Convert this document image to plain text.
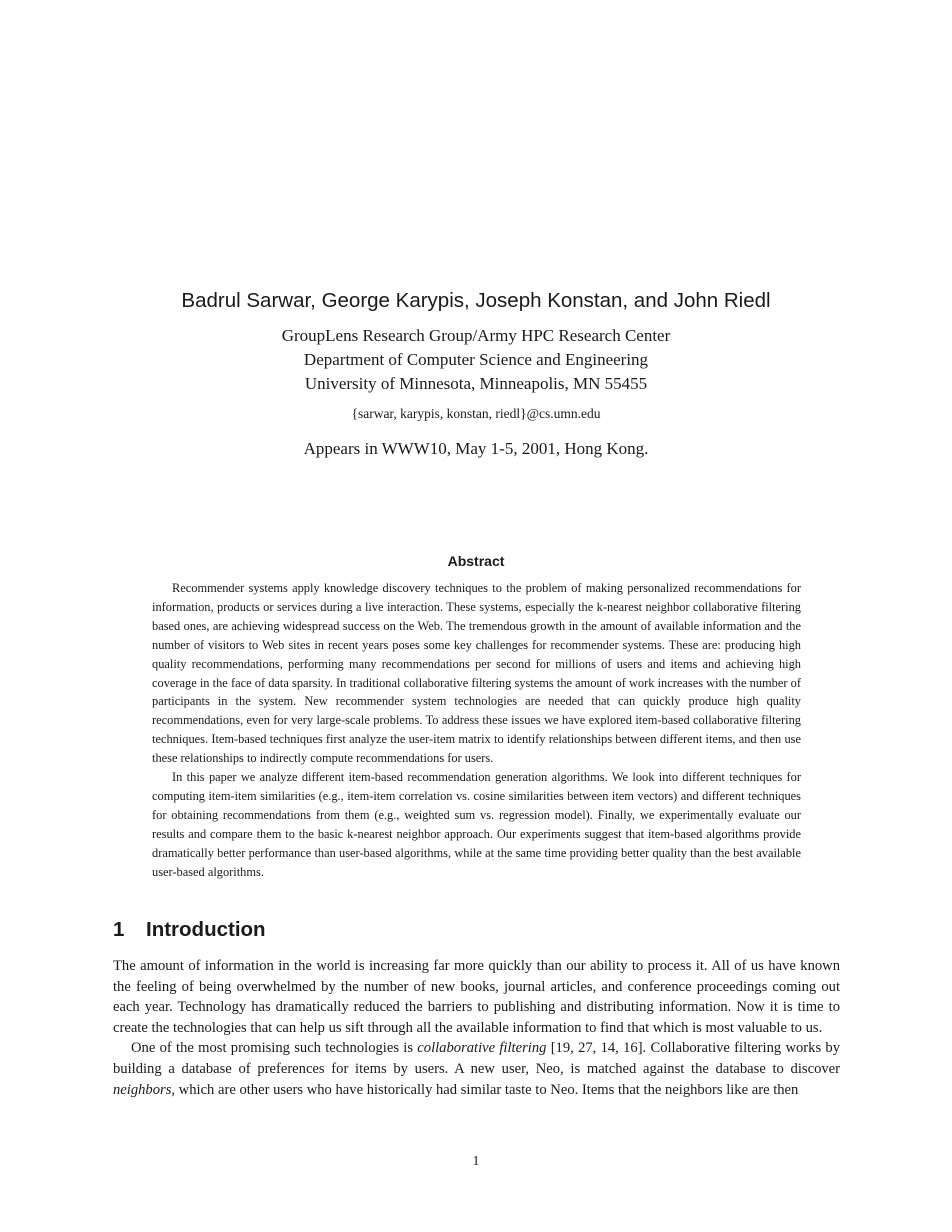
Badrul Sarwar, George Karypis, Joseph Konstan, and John Riedl
GroupLens Research Group/Army HPC Research Center
Department of Computer Science and Engineering
University of Minnesota, Minneapolis, MN 55455
{sarwar, karypis, konstan, riedl}@cs.umn.edu
Appears in WWW10, May 1-5, 2001, Hong Kong.
Abstract

Recommender systems apply knowledge discovery techniques to the problem of making personalized recommendations for information, products or services during a live interaction. These systems, especially the k-nearest neighbor collaborative filtering based ones, are achieving widespread success on the Web. The tremendous growth in the amount of available information and the number of visitors to Web sites in recent years poses some key challenges for recommender systems. These are: producing high quality recommendations, performing many recommendations per second for millions of users and items and achieving high coverage in the face of data sparsity. In traditional collaborative filtering systems the amount of work increases with the number of participants in the system. New recommender system technologies are needed that can quickly produce high quality recommendations, even for very large-scale problems. To address these issues we have explored item-based collaborative filtering techniques. Item-based techniques first analyze the user-item matrix to identify relationships between different items, and then use these relationships to indirectly compute recommendations for users.

In this paper we analyze different item-based recommendation generation algorithms. We look into different techniques for computing item-item similarities (e.g., item-item correlation vs. cosine similarities between item vectors) and different techniques for obtaining recommendations from them (e.g., weighted sum vs. regression model). Finally, we experimentally evaluate our results and compare them to the basic k-nearest neighbor approach. Our experiments suggest that item-based algorithms provide dramatically better performance than user-based algorithms, while at the same time providing better quality than the best available user-based algorithms.

1 Introduction

The amount of information in the world is increasing far more quickly than our ability to process it. All of us have known the feeling of being overwhelmed by the number of new books, journal articles, and conference proceedings coming out each year. Technology has dramatically reduced the barriers to publishing and distributing information. Now it is time to create the technologies that can help us sift through all the available information to find that which is most valuable to us.

One of the most promising such technologies is collaborative filtering [19, 27, 14, 16]. Collaborative filtering works by building a database of preferences for items by users. A new user, Neo, is matched against the database to discover neighbors, which are other users who have historically had similar taste to Neo. Items that the neighbors like are then

1
